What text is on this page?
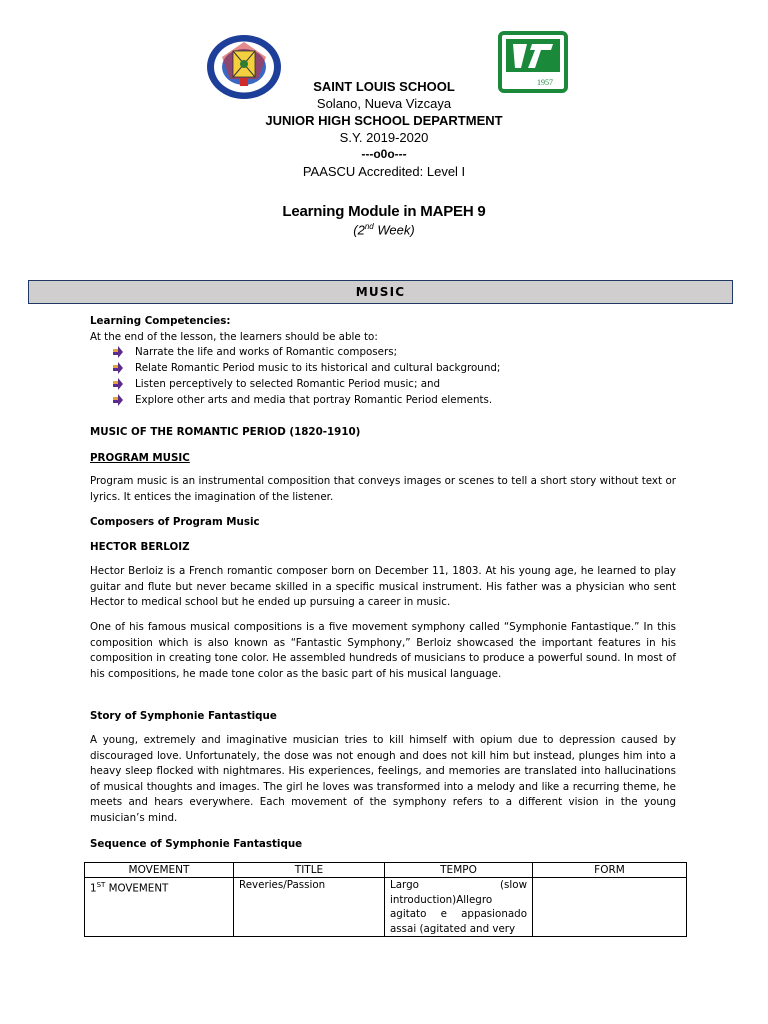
1957
SAINT LOUIS SCHOOL
Solano, Nueva Vizcaya
JUNIOR HIGH SCHOOL DEPARTMENT
S.Y. 2019-2020
---o0o---
PAASCU Accredited: Level I
Learning Module in MAPEH 9
(2nd Week)
MUSIC
Learning Competencies:
At the end of the lesson, the learners should be able to:
Narrate the life and works of Romantic composers;
Relate Romantic Period music to its historical and cultural background;
Listen perceptively to selected Romantic Period music; and
Explore other arts and media that portray Romantic Period elements.
MUSIC OF THE ROMANTIC PERIOD (1820-1910)
PROGRAM MUSIC
Program music is an instrumental composition that conveys images or scenes to tell a short story without text or lyrics. It entices the imagination of the listener.
Composers of Program Music
HECTOR BERLOIZ
Hector Berloiz is a French romantic composer born on December 11, 1803. At his young age, he learned to play guitar and flute but never became skilled in a specific musical instrument. His father was a physician who sent Hector to medical school but he ended up pursuing a career in music.
One of his famous musical compositions is a five movement symphony called “Symphonie Fantastique.” In this composition which is also known as “Fantastic Symphony,” Berloiz showcased the important features in his composition in creating tone color. He assembled hundreds of musicians to produce a powerful sound. In most of his compositions, he made tone color as the basic part of his musical language.
Story of Symphonie Fantastique
A young, extremely and imaginative musician tries to kill himself with opium due to depression caused by discouraged love. Unfortunately, the dose was not enough and does not kill him but instead, plunges him into a heavy sleep flocked with nightmares. His experiences, feelings, and memories are translated into hallucinations of musical thoughts and images. The girl he loves was transformed into a melody and like a recurring theme, he meets and hears everywhere. Each movement of the symphony refers to a different vision in the young musician’s mind.
Sequence of Symphonie Fantastique
MOVEMENT	TITLE	TEMPO	FORM
1ST MOVEMENT	Reveries/Passion	Largo (slow introduction)Allegro agitato e appasionado assai (agitated and very	
